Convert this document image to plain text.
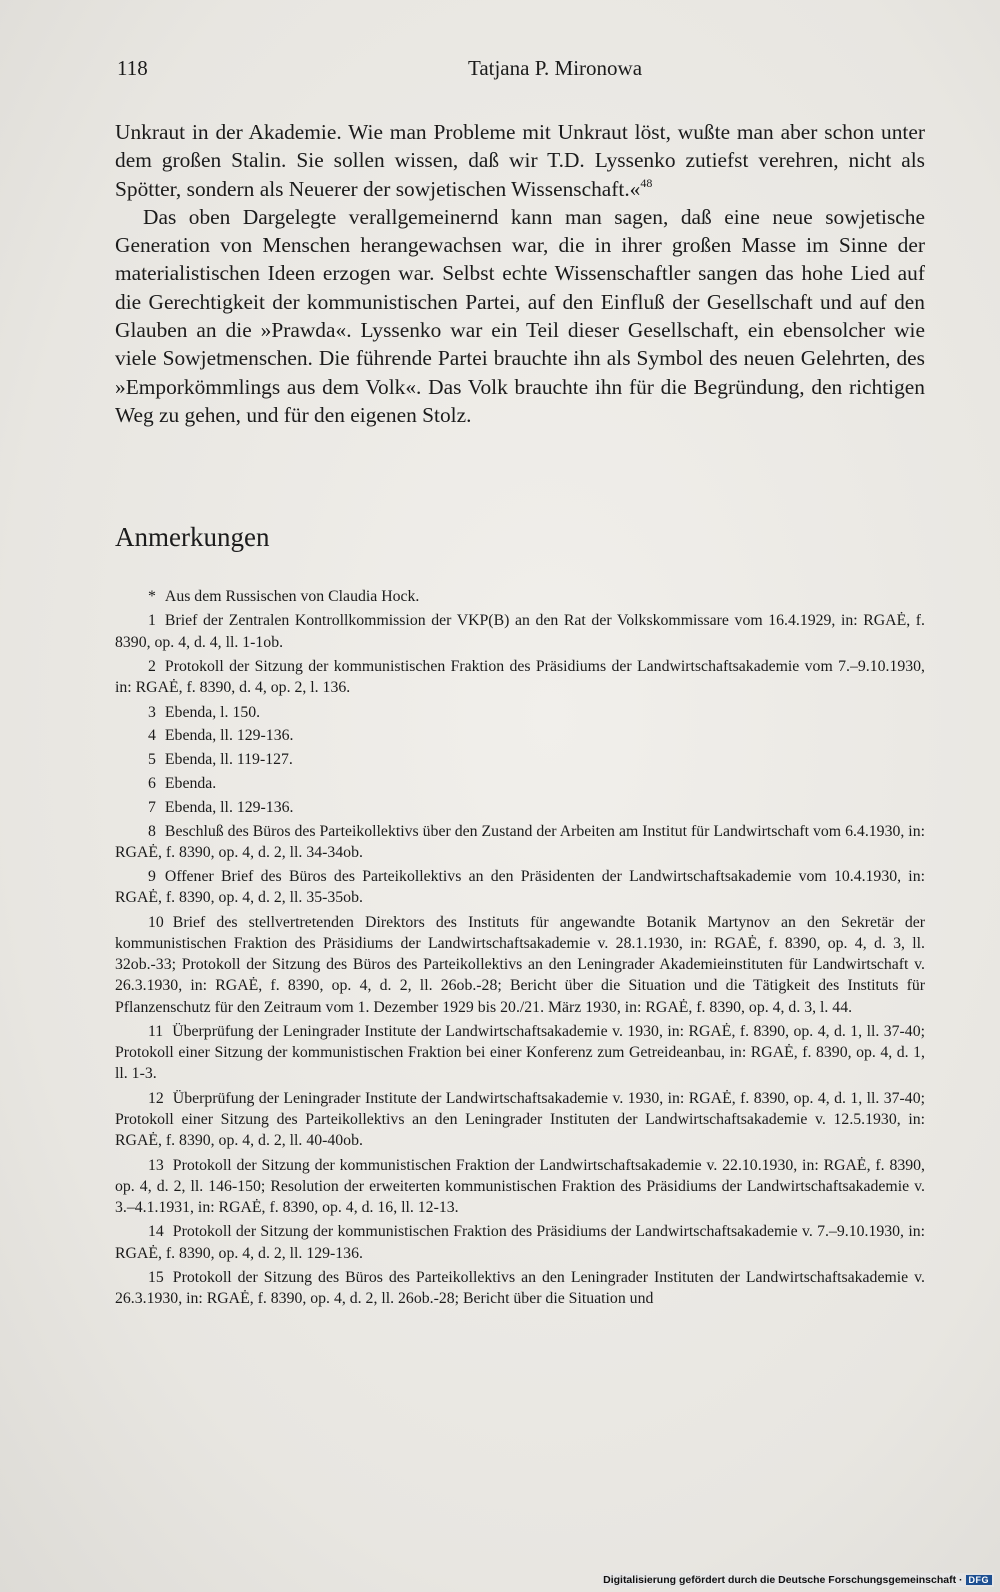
118	Tatjana P. Mironowa

Unkraut in der Akademie. Wie man Probleme mit Unkraut löst, wußte man aber schon unter dem großen Stalin. Sie sollen wissen, daß wir T.D. Lyssenko zutiefst verehren, nicht als Spötter, sondern als Neuerer der sowjetischen Wissenschaft.«$^{48}$

Das oben Dargelegte verallgemeinernd kann man sagen, daß eine neue sowjetische Generation von Menschen herangewachsen war, die in ihrer großen Masse im Sinne der materialistischen Ideen erzogen war. Selbst echte Wissenschaftler sangen das hohe Lied auf die Gerechtigkeit der kommunistischen Partei, auf den Einfluß der Gesellschaft und auf den Glauben an die »Prawda«. Lyssenko war ein Teil dieser Gesellschaft, ein ebensolcher wie viele Sowjetmenschen. Die führende Partei brauchte ihn als Symbol des neuen Gelehrten, des »Emporkömmlings aus dem Volk«. Das Volk brauchte ihn für die Begründung, den richtigen Weg zu gehen, und für den eigenen Stolz.

Anmerkungen

* Aus dem Russischen von Claudia Hock.

1 Brief der Zentralen Kontrollkommission der VKP(B) an den Rat der Volkskommissare vom 16.4.1929, in: RGAĖ, f. 8390, op. 4, d. 4, ll. 1-1ob.

2 Protokoll der Sitzung der kommunistischen Fraktion des Präsidiums der Landwirtschaftsakademie vom 7.–9.10.1930, in: RGAĖ, f. 8390, d. 4, op. 2, l. 136.

3 Ebenda, l. 150.

4 Ebenda, ll. 129-136.

5 Ebenda, ll. 119-127.

6 Ebenda.

7 Ebenda, ll. 129-136.

8 Beschluß des Büros des Parteikollektivs über den Zustand der Arbeiten am Institut für Landwirtschaft vom 6.4.1930, in: RGAĖ, f. 8390, op. 4, d. 2, ll. 34-34ob.

9 Offener Brief des Büros des Parteikollektivs an den Präsidenten der Landwirtschaftsakademie vom 10.4.1930, in: RGAĖ, f. 8390, op. 4, d. 2, ll. 35-35ob.

10 Brief des stellvertretenden Direktors des Instituts für angewandte Botanik Martynov an den Sekretär der kommunistischen Fraktion des Präsidiums der Landwirtschaftsakademie v. 28.1.1930, in: RGAĖ, f. 8390, op. 4, d. 3, ll. 32ob.-33; Protokoll der Sitzung des Büros des Parteikollektivs an den Leningrader Akademieinstituten für Landwirtschaft v. 26.3.1930, in: RGAĖ, f. 8390, op. 4, d. 2, ll. 26ob.-28; Bericht über die Situation und die Tätigkeit des Instituts für Pflanzenschutz für den Zeitraum vom 1. Dezember 1929 bis 20./21. März 1930, in: RGAĖ, f. 8390, op. 4, d. 3, l. 44.

11 Überprüfung der Leningrader Institute der Landwirtschaftsakademie v. 1930, in: RGAĖ, f. 8390, op. 4, d. 1, ll. 37-40; Protokoll einer Sitzung der kommunistischen Fraktion bei einer Konferenz zum Getreideanbau, in: RGAĖ, f. 8390, op. 4, d. 1, ll. 1-3.

12 Überprüfung der Leningrader Institute der Landwirtschaftsakademie v. 1930, in: RGAĖ, f. 8390, op. 4, d. 1, ll. 37-40; Protokoll einer Sitzung des Parteikollektivs an den Leningrader Instituten der Landwirtschaftsakademie v. 12.5.1930, in: RGAĖ, f. 8390, op. 4, d. 2, ll. 40-40ob.

13 Protokoll der Sitzung der kommunistischen Fraktion der Landwirtschaftsakademie v. 22.10.1930, in: RGAĖ, f. 8390, op. 4, d. 2, ll. 146-150; Resolution der erweiterten kommunistischen Fraktion des Präsidiums der Landwirtschaftsakademie v. 3.–4.1.1931, in: RGAĖ, f. 8390, op. 4, d. 16, ll. 12-13.

14 Protokoll der Sitzung der kommunistischen Fraktion des Präsidiums der Landwirtschaftsakademie v. 7.–9.10.1930, in: RGAĖ, f. 8390, op. 4, d. 2, ll. 129-136.

15 Protokoll der Sitzung des Büros des Parteikollektivs an den Leningrader Instituten der Landwirtschaftsakademie v. 26.3.1930, in: RGAĖ, f. 8390, op. 4, d. 2, ll. 26ob.-28; Bericht über die Situation und

Digitalisierung gefördert durch die Deutsche Forschungsgemeinschaft · DFG
